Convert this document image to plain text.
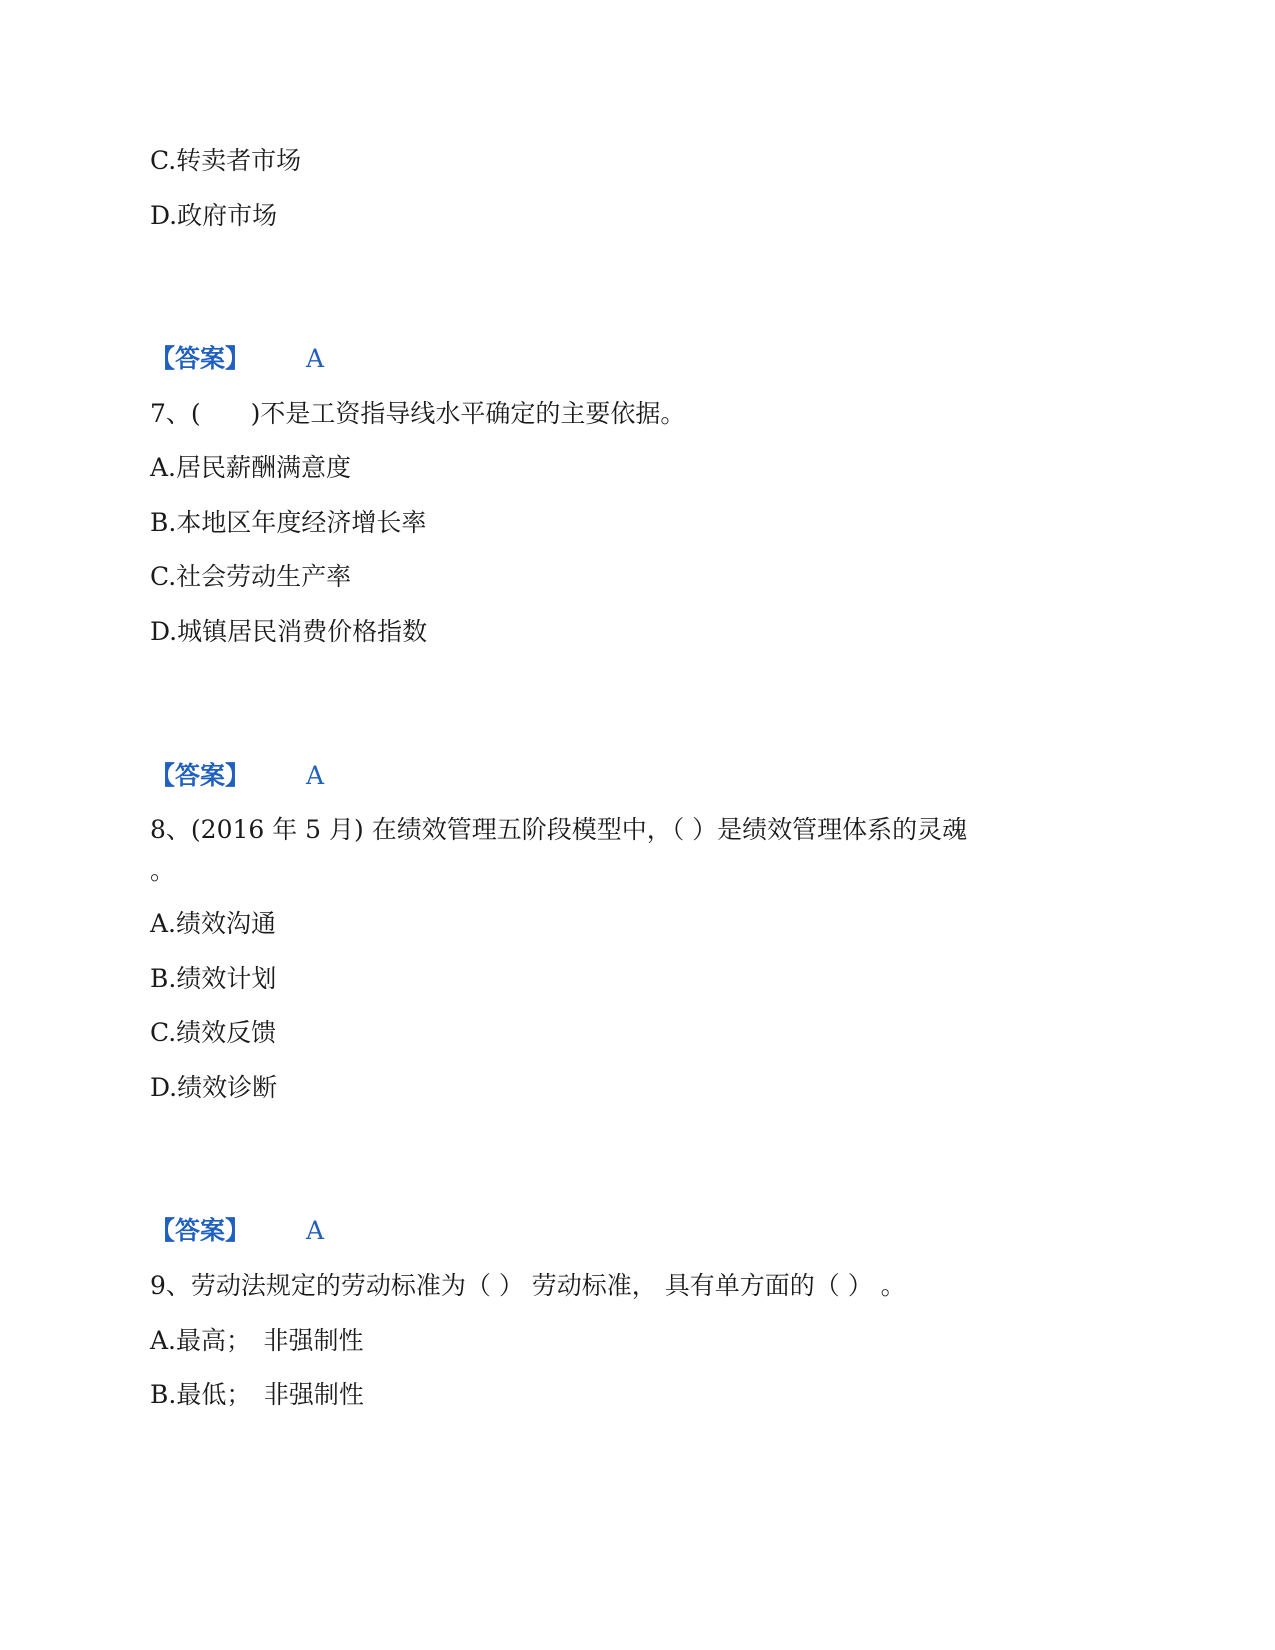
C.转卖者市场

D.政府市场

【答案】 A

7、(　　)不是工资指导线水平确定的主要依据。

A.居民薪酬满意度

B.本地区年度经济增长率

C.社会劳动生产率

D.城镇居民消费价格指数

【答案】 A

8、(2016 年 5 月) 在绩效管理五阶段模型中，（ ）是绩效管理体系的灵魂

。

A.绩效沟通

B.绩效计划

C.绩效反馈

D.绩效诊断

【答案】 A

9、劳动法规定的劳动标准为（ ） 劳动标准， 具有单方面的（ ） 。

A.最高；　非强制性

B.最低；　非强制性
